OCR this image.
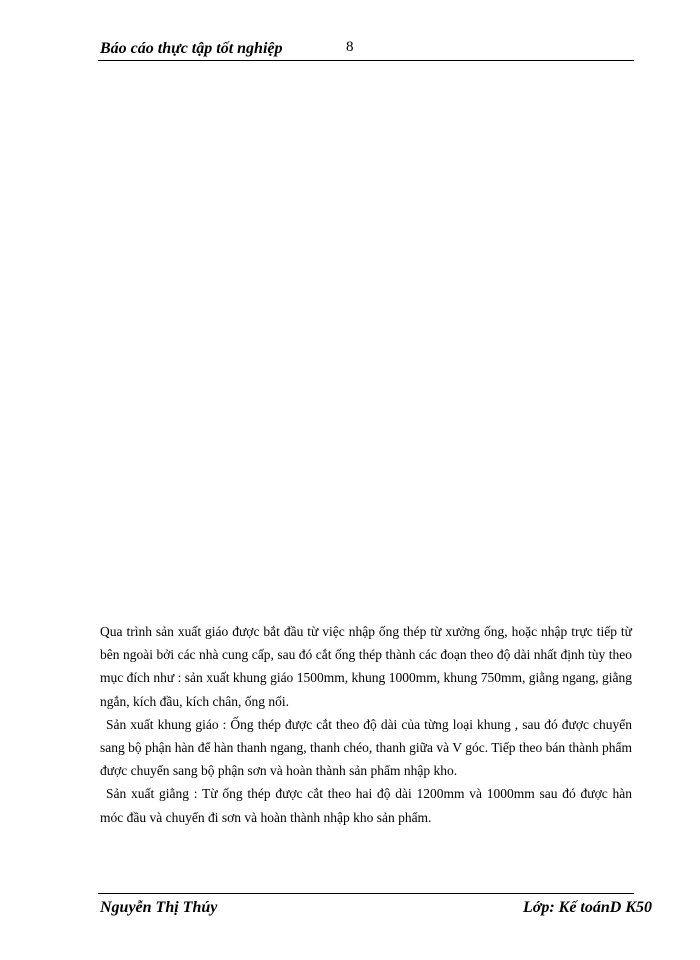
Báo cáo thực tập tốt nghiệp	8

Qua trình sản xuất giáo được bắt đầu từ việc nhập ống thép từ xưởng ống, hoặc nhập trực tiếp từ bên ngoài bởi các nhà cung cấp, sau đó cắt ống thép thành các đoạn theo độ dài nhất định tùy theo mục đích như : sản xuất khung giáo 1500mm, khung 1000mm, khung 750mm, giằng ngang, giằng ngắn, kích đầu, kích chân, ống nối.

Sản xuất khung giáo : Ống thép được cắt theo độ dài của từng loại khung , sau đó được chuyển sang bộ phận hàn để hàn thanh ngang, thanh chéo, thanh giữa và V góc. Tiếp theo bán thành phẩm được chuyển sang bộ phận sơn và hoàn thành sản phẩm nhập kho.

Sản xuất giằng : Từ ống thép được cắt theo hai độ dài 1200mm và 1000mm sau đó được hàn móc đầu và chuyển đi sơn và hoàn thành nhập kho sản phẩm.

Nguyễn Thị Thúy	Lớp: Kế toánD K50
